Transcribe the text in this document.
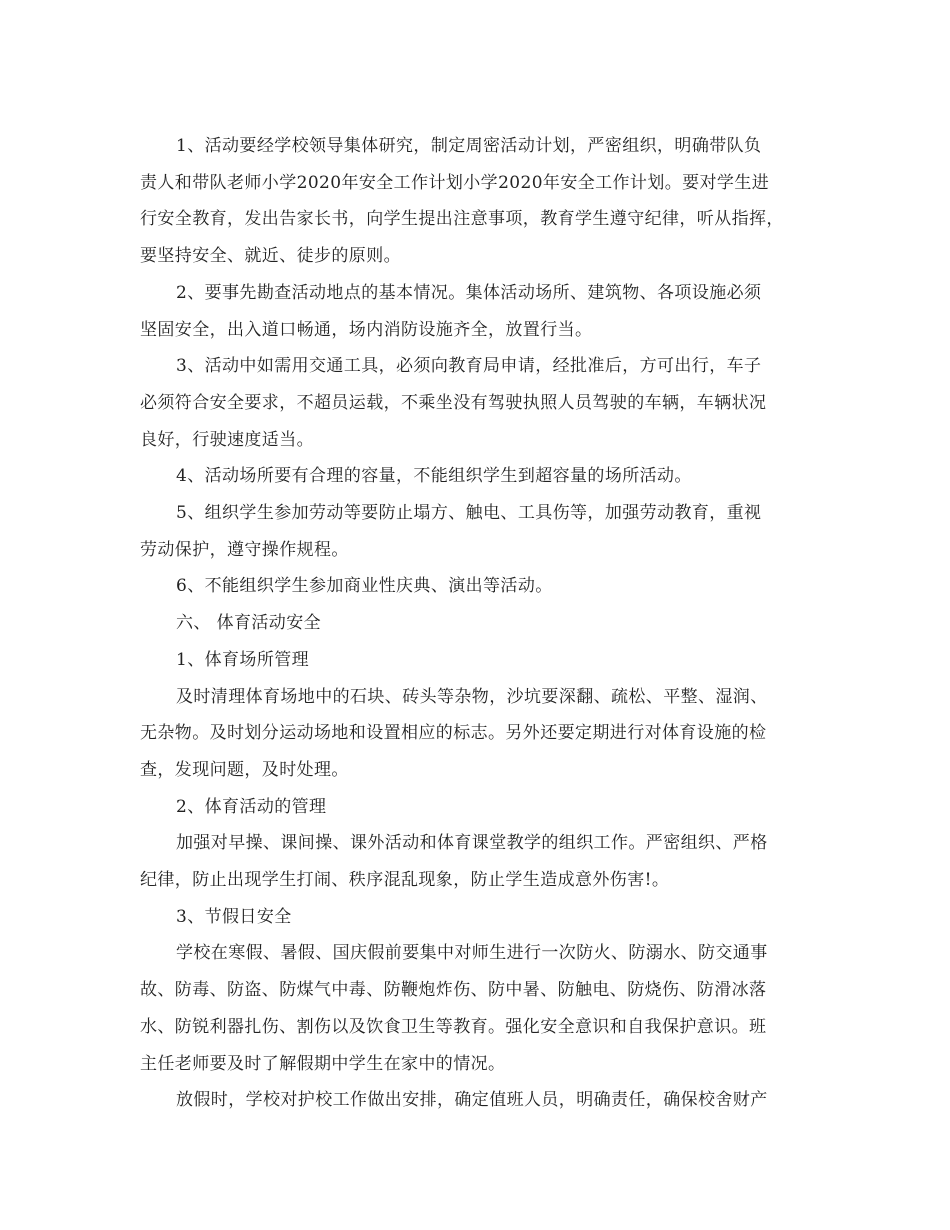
1、活动要经学校领导集体研究，制定周密活动计划，严密组织，明确带队负
责人和带队老师小学2020年安全工作计划小学2020年安全工作计划。要对学生进
行安全教育，发出告家长书，向学生提出注意事项，教育学生遵守纪律，听从指挥，
要坚持安全、就近、徒步的原则。
2、要事先勘查活动地点的基本情况。集体活动场所、建筑物、各项设施必须
坚固安全，出入道口畅通，场内消防设施齐全，放置行当。
3、活动中如需用交通工具，必须向教育局申请，经批准后，方可出行，车子
必须符合安全要求，不超员运载，不乘坐没有驾驶执照人员驾驶的车辆，车辆状况
良好，行驶速度适当。
4、活动场所要有合理的容量，不能组织学生到超容量的场所活动。
5、组织学生参加劳动等要防止塌方、触电、工具伤等，加强劳动教育，重视
劳动保护，遵守操作规程。
6、不能组织学生参加商业性庆典、演出等活动。
六、 体育活动安全
1、体育场所管理
及时清理体育场地中的石块、砖头等杂物，沙坑要深翻、疏松、平整、湿润、
无杂物。及时划分运动场地和设置相应的标志。另外还要定期进行对体育设施的检
查，发现问题，及时处理。
2、体育活动的管理
加强对早操、课间操、课外活动和体育课堂教学的组织工作。严密组织、严格
纪律，防止出现学生打闹、秩序混乱现象，防止学生造成意外伤害!。
3、节假日安全
学校在寒假、暑假、国庆假前要集中对师生进行一次防火、防溺水、防交通事
故、防毒、防盗、防煤气中毒、防鞭炮炸伤、防中暑、防触电、防烧伤、防滑冰落
水、防锐利器扎伤、割伤以及饮食卫生等教育。强化安全意识和自我保护意识。班
主任老师要及时了解假期中学生在家中的情况。
放假时，学校对护校工作做出安排，确定值班人员，明确责任，确保校舍财产
